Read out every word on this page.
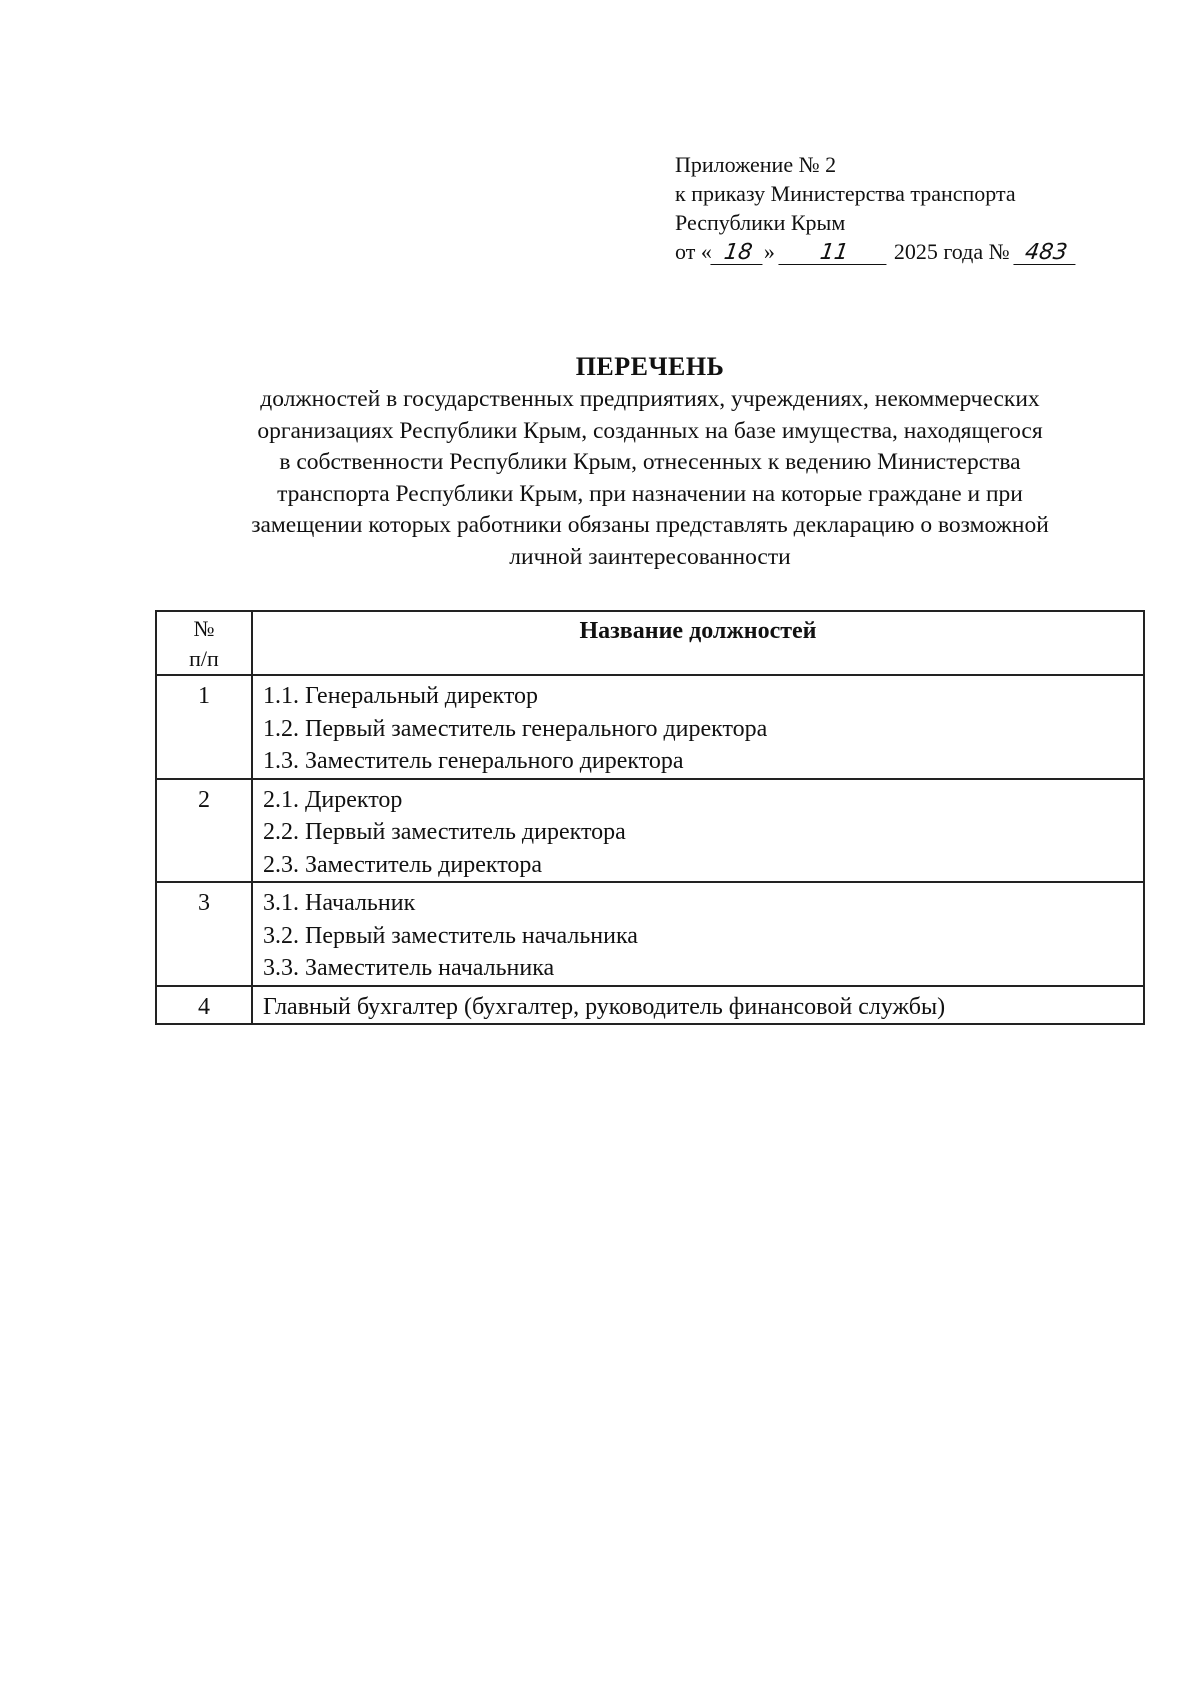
Приложение № 2
к приказу Министерства транспорта
Республики Крым
от « 18 » 11 2025 года № 483
ПЕРЕЧЕНЬ
должностей в государственных предприятиях, учреждениях, некоммерческих
организациях Республики Крым, созданных на базе имущества, находящегося
в собственности Республики Крым, отнесенных к ведению Министерства
транспорта Республики Крым, при назначении на которые граждане и при
замещении которых работники обязаны представлять декларацию о возможной
личной заинтересованности
№
п/п	Название должностей
1	1.1. Генеральный директор
1.2. Первый заместитель генерального директора
1.3. Заместитель генерального директора

2	2.1. Директор
2.2. Первый заместитель директора
2.3. Заместитель директора

3	3.1. Начальник
3.2. Первый заместитель начальника
3.3. Заместитель начальника

4	Главный бухгалтер (бухгалтер, руководитель финансовой службы)
